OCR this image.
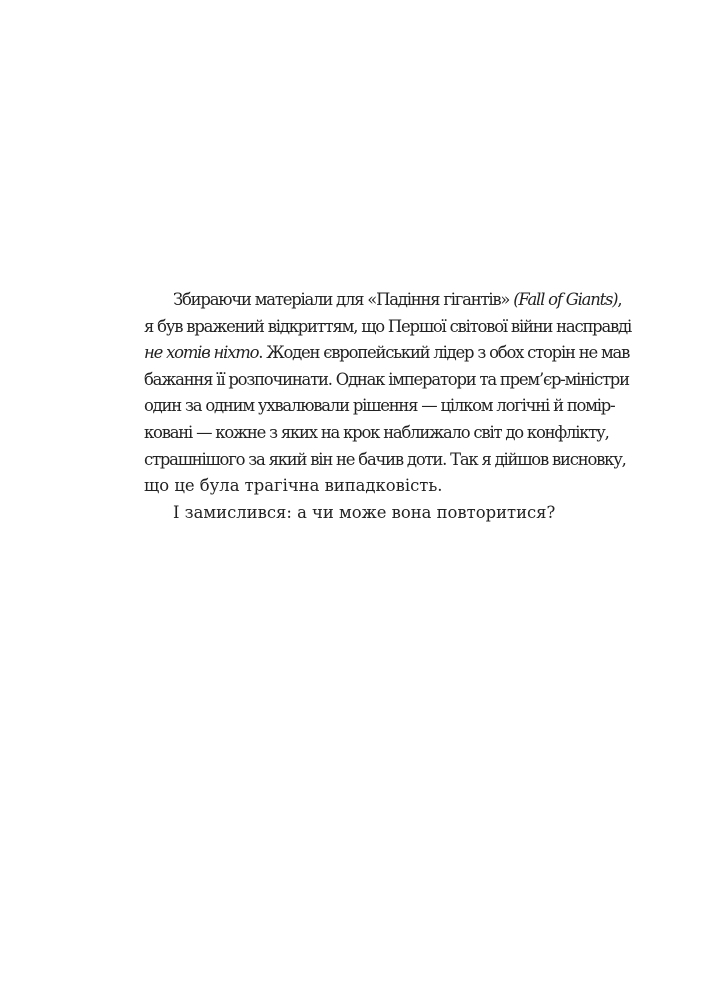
Збираючи матеріали для «Падіння гігантів» (Fall of Giants),
я був вражений відкриттям, що Першої світової війни насправді
не хотів ніхто. Жоден європейський лідер з обох сторін не мав
бажання її розпочинати. Однак імператори та прем’єр-міністри
один за одним ухвалювали рішення — цілком логічні й помір-
ковані — кожне з яких на крок наближало світ до конфлікту,
страшнішого за який він не бачив доти. Так я дійшов висновку,
що це була трагічна випадковість.
І замислився: а чи може вона повторитися?
